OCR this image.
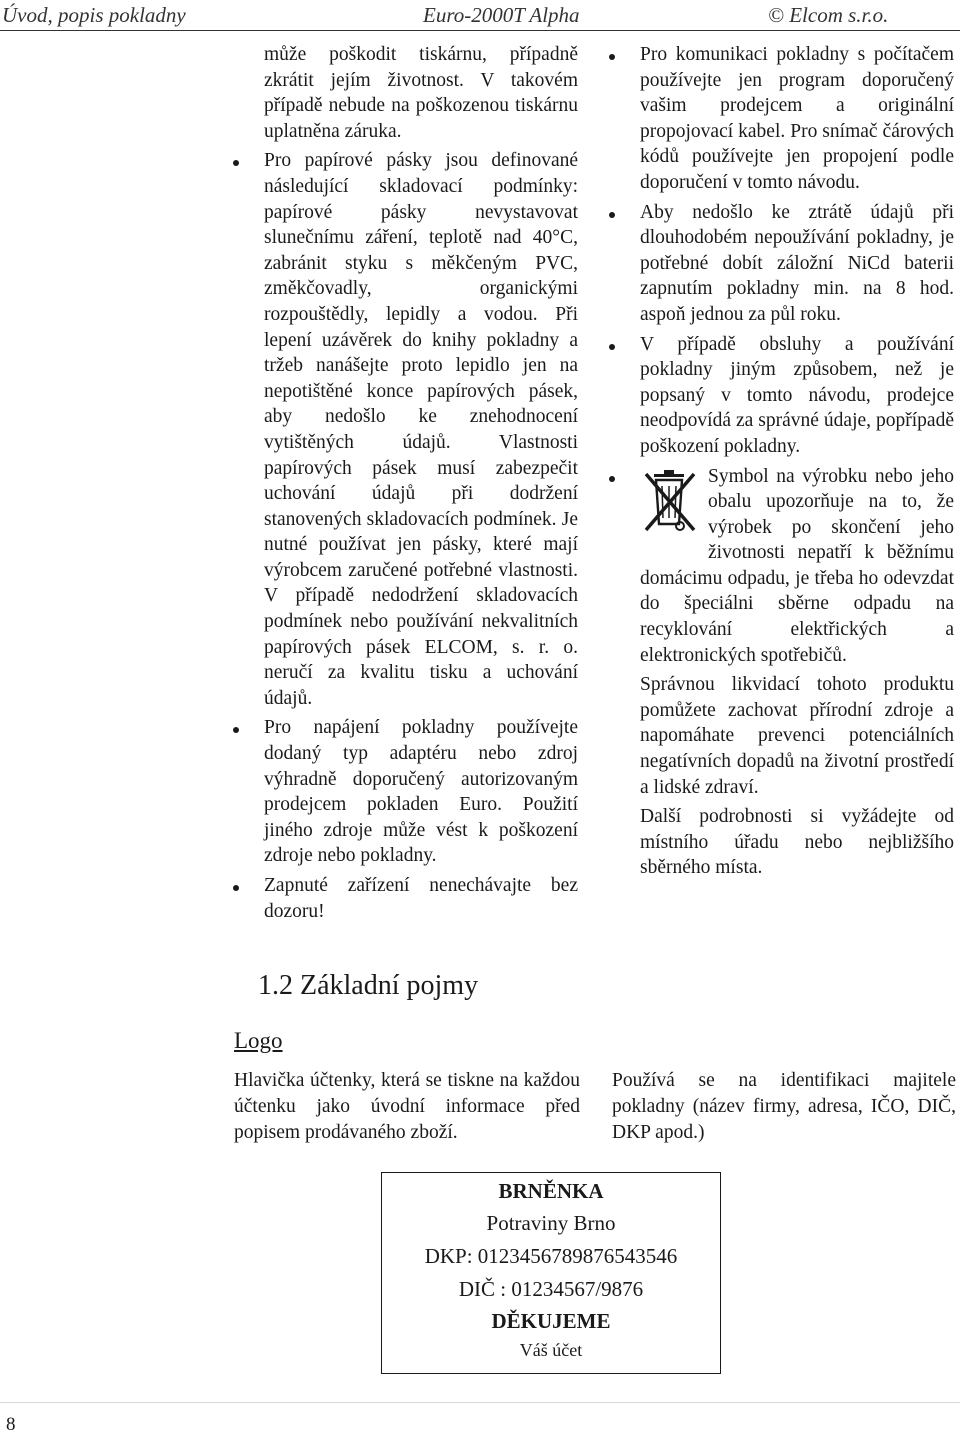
Úvod, popis pokladny	Euro-2000T Alpha	© Elcom s.r.o.

může poškodit tiskárnu, případně zkrátit jejím životnost. V takovém případě nebude na poškozenou tiskárnu uplatněna záruka.

Pro papírové pásky jsou definované následující skladovací podmínky: papírové pásky nevystavovat slunečnímu záření, teplotě nad 40°C, zabránit styku s měkčeným PVC, změkčovadly, organickými rozpouštědly, lepidly a vodou. Při lepení uzávěrek do knihy pokladny a tržeb nanášejte proto lepidlo jen na nepotištěné konce papírových pásek, aby nedošlo ke znehodnocení vytištěných údajů. Vlastnosti papírových pásek musí zabezpečit uchování údajů při dodržení stanovených skladovacích podmínek. Je nutné používat jen pásky, které mají výrobcem zaručené potřebné vlastnosti. V případě nedodržení skladovacích podmínek nebo používání nekvalitních papírových pásek ELCOM, s. r. o. neručí za kvalitu tisku a uchování údajů.

Pro napájení pokladny používejte dodaný typ adaptéru nebo zdroj výhradně doporučený autorizovaným prodejcem pokladen Euro. Použití jiného zdroje může vést k poškození zdroje nebo pokladny.

Zapnuté zařízení nenechávajte bez dozoru!

Pro komunikaci pokladny s počítačem používejte jen program doporučený vašim prodejcem a originální propojovací kabel. Pro snímač čárových kódů používejte jen propojení podle doporučení v tomto návodu.

Aby nedošlo ke ztrátě údajů při dlouhodobém nepoužívání pokladny, je potřebné dobít záložní NiCd baterii zapnutím pokladny min. na 8 hod. aspoň jednou za půl roku.

V případě obsluhy a používání pokladny jiným způsobem, než je popsaný v tomto návodu, prodejce neodpovídá za správné údaje, popřípadě poškození pokladny.

Symbol na výrobku nebo jeho obalu upozorňuje na to, že výrobek po skončení jeho životnosti nepatří k běžnímu domácimu odpadu, je třeba ho odevzdat do špeciálni sběrne odpadu na recyklování elektřických a elektronických spotřebičů.

Správnou likvidací tohoto produktu pomůžete zachovat přírodní zdroje a napomáhate prevenci potenciálních negatívních dopadů na životní prostředí a lidské zdraví.

Další podrobnosti si vyžádejte od místního úřadu nebo nejbližšího sběrného místa.

1.2 Základní pojmy
Logo
Hlavička účtenky, která se tiskne na každou účtenku jako úvodní informace před popisem prodávaného zboží.
Používá se na identifikaci majitele pokladny (název firmy, adresa, IČO, DIČ, DKP apod.)
BRNĚNKA
Potraviny Brno
DKP: 0123456789876543546
DIČ : 01234567/9876
DĚKUJEME
Váš účet
8
